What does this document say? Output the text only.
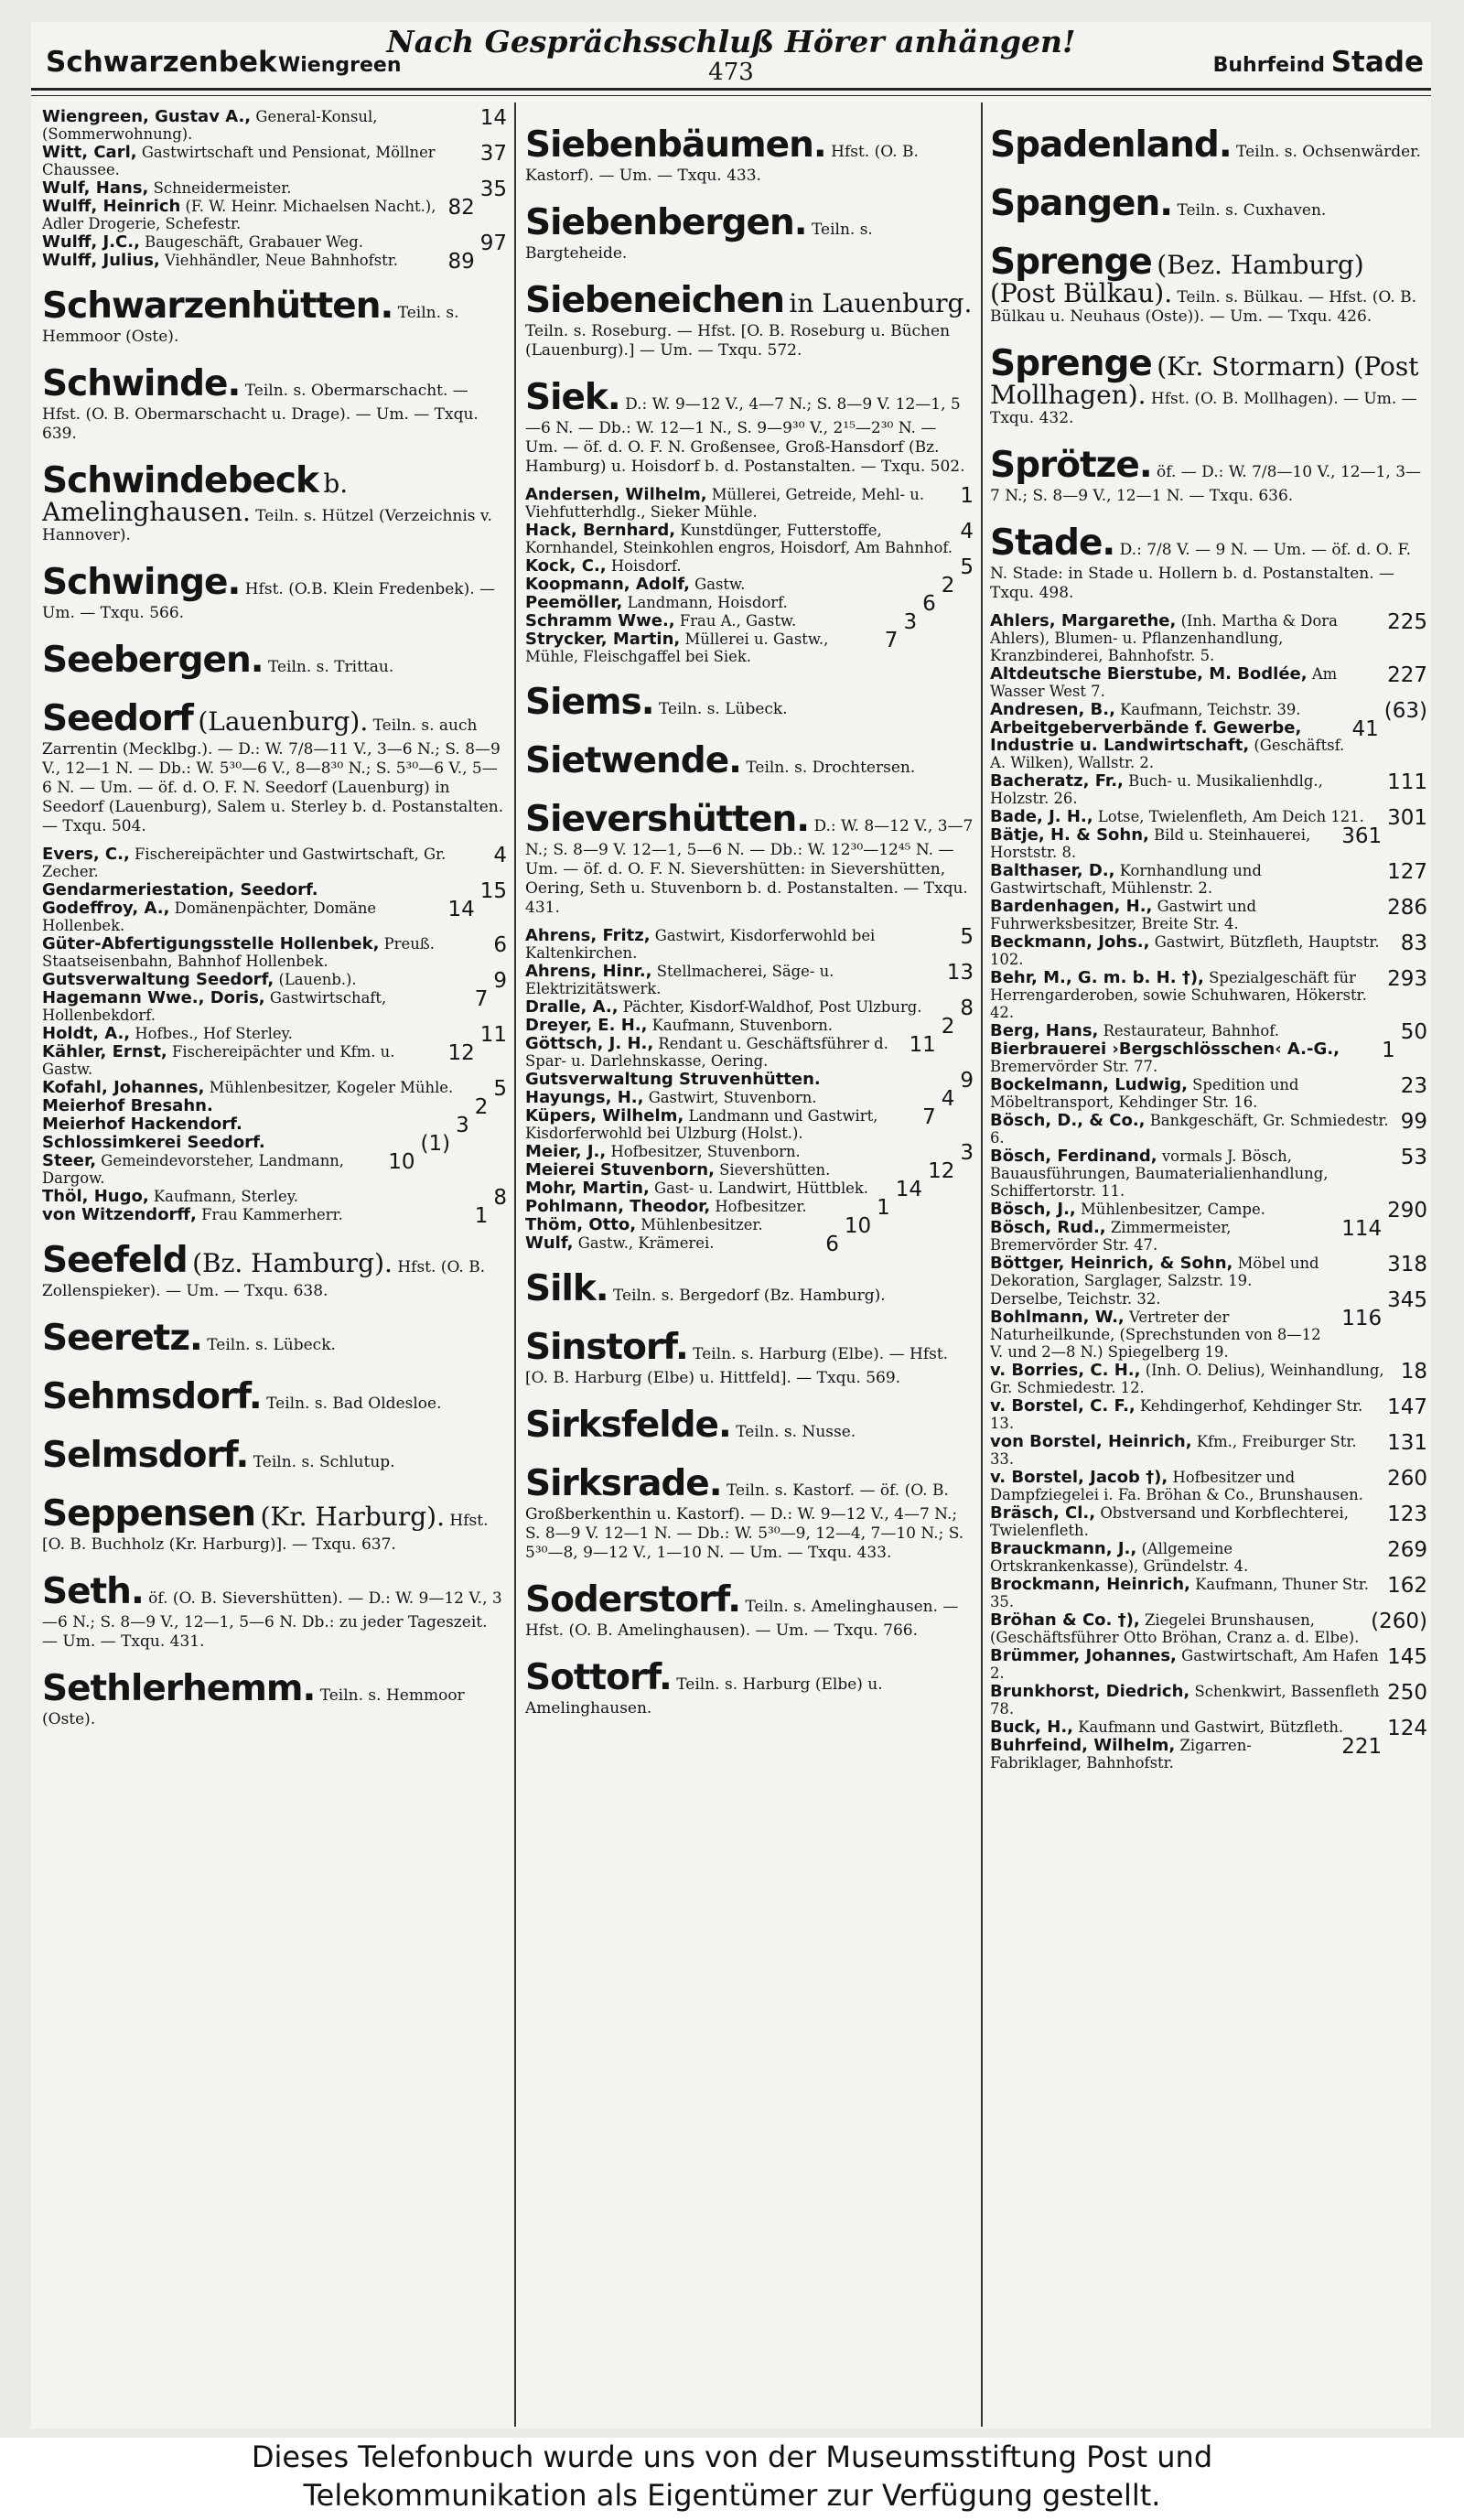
Schwarzenbek Wiengreen
Nach Gesprächsschluß Hörer anhängen!
473	Buhrfeind Stade
14
Wiengreen, Gustav A., General-Konsul, (Sommerwohnung).
37
Witt, Carl, Gastwirtschaft und Pensionat, Möllner Chaussee.
35
Wulf, Hans, Schneidermeister.
82
Wulff, Heinrich (F. W. Heinr. Michaelsen Nacht.), Adler Drogerie, Schefestr.
97
Wulff, J.C., Baugeschäft, Grabauer Weg.
89
Wulff, Julius, Viehhändler, Neue Bahnhofstr.
Schwarzenhütten. Teiln. s. Hemmoor (Oste).
Schwinde. Teiln. s. Obermarschacht. — Hfst. (O. B. Obermarschacht u. Drage). — Um. — Txqu. 639.
Schwindebeck b. Amelinghausen. Teiln. s. Hützel (Verzeichnis v. Hannover).
Schwinge. Hfst. (O.B. Klein Fredenbek). — Um. — Txqu. 566.
Seebergen. Teiln. s. Trittau.
Seedorf (Lauenburg). Teiln. s. auch Zarrentin (Mecklbg.). — D.: W. 7/8—11 V., 3—6 N.; S. 8—9 V., 12—1 N. — Db.: W. 5³⁰—6 V., 8—8³⁰ N.; S. 5³⁰—6 V., 5—6 N. — Um. — öf. d. O. F. N. Seedorf (Lauenburg) in Seedorf (Lauenburg), Salem u. Sterley b. d. Postanstalten. — Txqu. 504.
4
Evers, C., Fischereipächter und Gastwirtschaft, Gr. Zecher.
15
Gendarmeriestation, Seedorf.
14
Godeffroy, A., Domänenpächter, Domäne Hollenbek.
6
Güter-Abfertigungsstelle Hollenbek, Preuß. Staatseisenbahn, Bahnhof Hollenbek.
9
Gutsverwaltung Seedorf, (Lauenb.).
7
Hagemann Wwe., Doris, Gastwirtschaft, Hollenbekdorf.
11
Holdt, A., Hofbes., Hof Sterley.
12
Kähler, Ernst, Fischereipächter und Kfm. u. Gastw.
5
Kofahl, Johannes, Mühlenbesitzer, Kogeler Mühle.
2
Meierhof Bresahn.
3
Meierhof Hackendorf.
(1)
Schlossimkerei Seedorf.
10
Steer, Gemeindevorsteher, Landmann, Dargow.
8
Thöl, Hugo, Kaufmann, Sterley.
1
von Witzendorff, Frau Kammerherr.
Seefeld (Bz. Hamburg). Hfst. (O. B. Zollenspieker). — Um. — Txqu. 638.
Seeretz. Teiln. s. Lübeck.
Sehmsdorf. Teiln. s. Bad Oldesloe.
Selmsdorf. Teiln. s. Schlutup.
Seppensen (Kr. Harburg). Hfst. [O. B. Buchholz (Kr. Harburg)]. — Txqu. 637.
Seth. öf. (O. B. Sievershütten). — D.: W. 9—12 V., 3—6 N.; S. 8—9 V., 12—1, 5—6 N. Db.: zu jeder Tageszeit. — Um. — Txqu. 431.
Sethlerhemm. Teiln. s. Hemmoor (Oste).
Siebenbäumen. Hfst. (O. B. Kastorf). — Um. — Txqu. 433.
Siebenbergen. Teiln. s. Bargteheide.
Siebeneichen in Lauenburg. Teiln. s. Roseburg. — Hfst. [O. B. Roseburg u. Büchen (Lauenburg).] — Um. — Txqu. 572.
Siek. D.: W. 9—12 V., 4—7 N.; S. 8—9 V. 12—1, 5—6 N. — Db.: W. 12—1 N., S. 9—9³⁰ V., 2¹⁵—2³⁰ N. — Um. — öf. d. O. F. N. Großensee, Groß-Hansdorf (Bz. Hamburg) u. Hoisdorf b. d. Postanstalten. — Txqu. 502.
1
Andersen, Wilhelm, Müllerei, Getreide, Mehl- u. Viehfutterhdlg., Sieker Mühle.
4
Hack, Bernhard, Kunstdünger, Futterstoffe, Kornhandel, Steinkohlen engros, Hoisdorf, Am Bahnhof.
5
Kock, C., Hoisdorf.
2
Koopmann, Adolf, Gastw.
6
Peemöller, Landmann, Hoisdorf.
3
Schramm Wwe., Frau A., Gastw.
7
Strycker, Martin, Müllerei u. Gastw., Mühle, Fleischgaffel bei Siek.
Siems. Teiln. s. Lübeck.
Sietwende. Teiln. s. Drochtersen.
Sievershütten. D.: W. 8—12 V., 3—7 N.; S. 8—9 V. 12—1, 5—6 N. — Db.: W. 12³⁰—12⁴⁵ N. — Um. — öf. d. O. F. N. Sievershütten: in Sievershütten, Oering, Seth u. Stuvenborn b. d. Postanstalten. — Txqu. 431.
5
Ahrens, Fritz, Gastwirt, Kisdorferwohld bei Kaltenkirchen.
13
Ahrens, Hinr., Stellmacherei, Säge- u. Elektrizitätswerk.
8
Dralle, A., Pächter, Kisdorf-Waldhof, Post Ulzburg.
2
Dreyer, E. H., Kaufmann, Stuvenborn.
11
Göttsch, J. H., Rendant u. Geschäftsführer d. Spar- u. Darlehnskasse, Oering.
9
Gutsverwaltung Struvenhütten.
4
Hayungs, H., Gastwirt, Stuvenborn.
7
Küpers, Wilhelm, Landmann und Gastwirt, Kisdorferwohld bei Ulzburg (Holst.).
3
Meier, J., Hofbesitzer, Stuvenborn.
12
Meierei Stuvenborn, Sievershütten.
14
Mohr, Martin, Gast- u. Landwirt, Hüttblek.
1
Pohlmann, Theodor, Hofbesitzer.
10
Thöm, Otto, Mühlenbesitzer.
6
Wulf, Gastw., Krämerei.
Silk. Teiln. s. Bergedorf (Bz. Hamburg).
Sinstorf. Teiln. s. Harburg (Elbe). — Hfst. [O. B. Harburg (Elbe) u. Hittfeld]. — Txqu. 569.
Sirksfelde. Teiln. s. Nusse.
Sirksrade. Teiln. s. Kastorf. — öf. (O. B. Großberkenthin u. Kastorf). — D.: W. 9—12 V., 4—7 N.; S. 8—9 V. 12—1 N. — Db.: W. 5³⁰—9, 12—4, 7—10 N.; S. 5³⁰—8, 9—12 V., 1—10 N. — Um. — Txqu. 433.
Soderstorf. Teiln. s. Amelinghausen. — Hfst. (O. B. Amelinghausen). — Um. — Txqu. 766.
Sottorf. Teiln. s. Harburg (Elbe) u. Amelinghausen.
Spadenland. Teiln. s. Ochsenwärder.
Spangen. Teiln. s. Cuxhaven.
Sprenge (Bez. Hamburg) (Post Bülkau). Teiln. s. Bülkau. — Hfst. (O. B. Bülkau u. Neuhaus (Oste)). — Um. — Txqu. 426.
Sprenge (Kr. Stormarn) (Post Mollhagen). Hfst. (O. B. Mollhagen). — Um. — Txqu. 432.
Sprötze. öf. — D.: W. 7/8—10 V., 12—1, 3—7 N.; S. 8—9 V., 12—1 N. — Txqu. 636.
Stade. D.: 7/8 V. — 9 N. — Um. — öf. d. O. F. N. Stade: in Stade u. Hollern b. d. Postanstalten. — Txqu. 498.
225
Ahlers, Margarethe, (Inh. Martha & Dora Ahlers), Blumen- u. Pflanzenhandlung, Kranzbinderei, Bahnhofstr. 5.
227
Altdeutsche Bierstube, M. Bodlée, Am Wasser West 7.
(63)
Andresen, B., Kaufmann, Teichstr. 39.
41
Arbeitgeberverbände f. Gewerbe, Industrie u. Landwirtschaft, (Geschäftsf. A. Wilken), Wallstr. 2.
111
Bacheratz, Fr., Buch- u. Musikalienhdlg., Holzstr. 26.
301
Bade, J. H., Lotse, Twielenfleth, Am Deich 121.
361
Bätje, H. & Sohn, Bild u. Steinhauerei, Horststr. 8.
127
Balthaser, D., Kornhandlung und Gastwirtschaft, Mühlenstr. 2.
286
Bardenhagen, H., Gastwirt und Fuhrwerksbesitzer, Breite Str. 4.
83
Beckmann, Johs., Gastwirt, Bützfleth, Hauptstr. 102.
293
Behr, M., G. m. b. H. †), Spezialgeschäft für Herrengarderoben, sowie Schuhwaren, Hökerstr. 42.
50
Berg, Hans, Restaurateur, Bahnhof.
1
Bierbrauerei ›Bergschlösschen‹ A.-G., Bremervörder Str. 77.
23
Bockelmann, Ludwig, Spedition und Möbeltransport, Kehdinger Str. 16.
99
Bösch, D., & Co., Bankgeschäft, Gr. Schmiedestr. 6.
53
Bösch, Ferdinand, vormals J. Bösch, Bauausführungen, Baumaterialienhandlung, Schiffertorstr. 11.
290
Bösch, J., Mühlenbesitzer, Campe.
114
Bösch, Rud., Zimmermeister, Bremervörder Str. 47.
318
Böttger, Heinrich, & Sohn, Möbel und Dekoration, Sarglager, Salzstr. 19.
345
Derselbe, Teichstr. 32.
116
Bohlmann, W., Vertreter der Naturheilkunde, (Sprechstunden von 8—12 V. und 2—8 N.) Spiegelberg 19.
18
v. Borries, C. H., (Inh. O. Delius), Weinhandlung, Gr. Schmiedestr. 12.
147
v. Borstel, C. F., Kehdingerhof, Kehdinger Str. 13.
131
von Borstel, Heinrich, Kfm., Freiburger Str. 33.
260
v. Borstel, Jacob †), Hofbesitzer und Dampfziegelei i. Fa. Bröhan & Co., Brunshausen.
123
Bräsch, Cl., Obstversand und Korbflechterei, Twielenfleth.
269
Brauckmann, J., (Allgemeine Ortskrankenkasse), Gründelstr. 4.
162
Brockmann, Heinrich, Kaufmann, Thuner Str. 35.
(260)
Bröhan & Co. †), Ziegelei Brunshausen, (Geschäftsführer Otto Bröhan, Cranz a. d. Elbe).
145
Brümmer, Johannes, Gastwirtschaft, Am Hafen 2.
250
Brunkhorst, Diedrich, Schenkwirt, Bassenfleth 78.
124
Buck, H., Kaufmann und Gastwirt, Bützfleth.
221
Buhrfeind, Wilhelm, Zigarren-Fabriklager, Bahnhofstr.
Dieses Telefonbuch wurde uns von der Museumsstiftung Post und
Telekommunikation als Eigentümer zur Verfügung gestellt.
